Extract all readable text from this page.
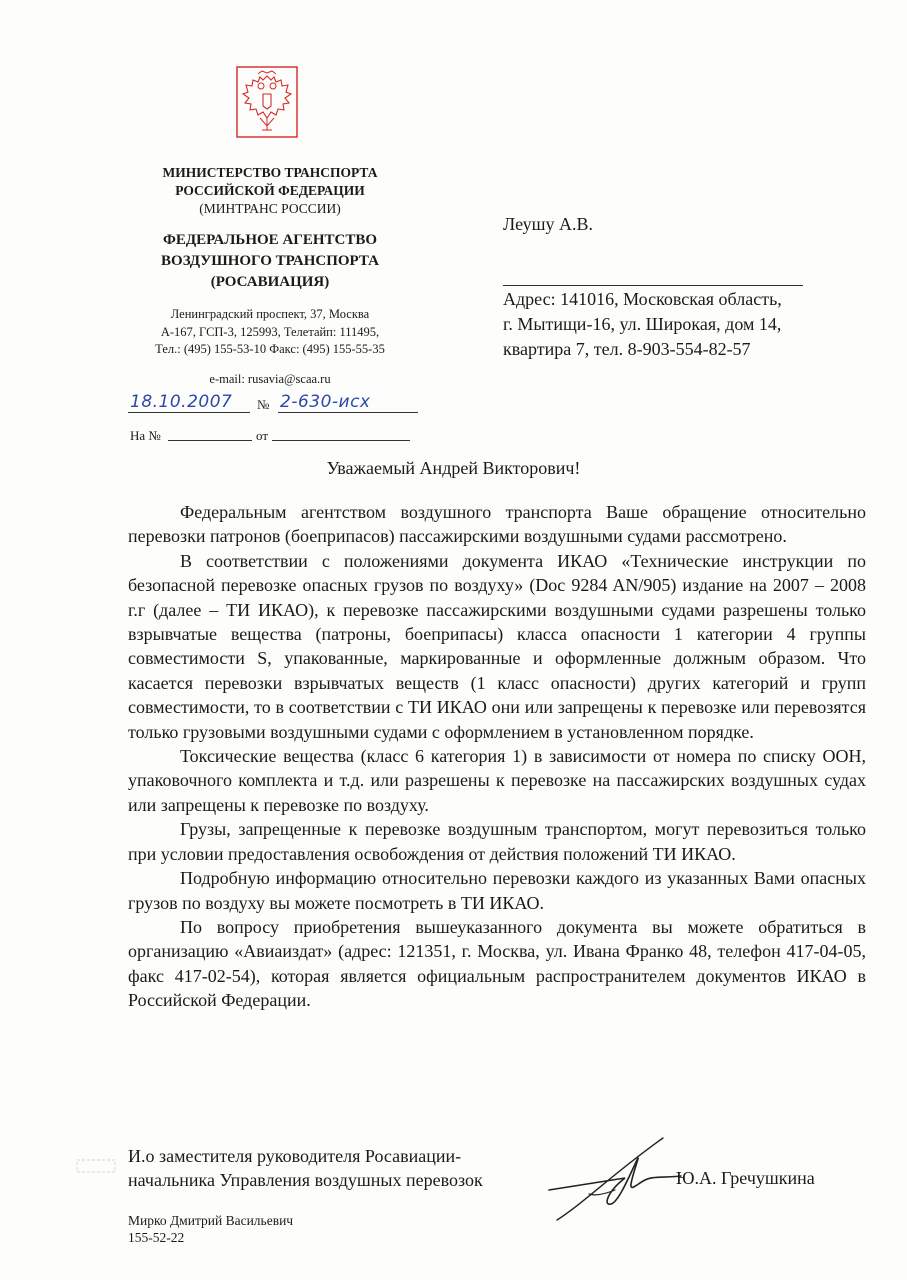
МИНИСТЕРСТВО ТРАНСПОРТА
РОССИЙСКОЙ ФЕДЕРАЦИИ
(МИНТРАНС РОССИИ)
ФЕДЕРАЛЬНОЕ АГЕНТСТВО
ВОЗДУШНОГО ТРАНСПОРТА
(РОСАВИАЦИЯ)
Ленинградский проспект, 37, Москва
А-167, ГСП-3, 125993, Телетайп: 111495,
Тел.: (495) 155-53-10 Факс: (495) 155-55-35
e-mail: rusavia@scaa.ru
18.10.2007 № 2-630-исх
На №	от
Леушу А.В.
Адрес: 141016, Московская область,
г. Мытищи-16, ул. Широкая, дом 14,
квартира 7, тел. 8-903-554-82-57
Уважаемый Андрей Викторович!

Федеральным агентством воздушного транспорта Ваше обращение относительно перевозки патронов (боеприпасов) пассажирскими воздушными судами рассмотрено.

В соответствии с положениями документа ИКАО «Технические инструкции по безопасной перевозке опасных грузов по воздуху» (Doc 9284 AN/905) издание на 2007 – 2008 г.г (далее – ТИ ИКАО), к перевозке пассажирскими воздушными судами разрешены только взрывчатые вещества (патроны, боеприпасы) класса опасности 1 категории 4 группы совместимости S, упакованные, маркированные и оформленные должным образом. Что касается перевозки взрывчатых веществ (1 класс опасности) других категорий и групп совместимости, то в соответствии с ТИ ИКАО они или запрещены к перевозке или перевозятся только грузовыми воздушными судами с оформлением в установленном порядке.

Токсические вещества (класс 6 категория 1) в зависимости от номера по списку ООН, упаковочного комплекта и т.д. или разрешены к перевозке на пассажирских воздушных судах или запрещены к перевозке по воздуху.

Грузы, запрещенные к перевозке воздушным транспортом, могут перевозиться только при условии предоставления освобождения от действия положений ТИ ИКАО.

Подробную информацию относительно перевозки каждого из указанных Вами опасных грузов по воздуху вы можете посмотреть в ТИ ИКАО.

По вопросу приобретения вышеуказанного документа вы можете обратиться в организацию «Авиаиздат» (адрес: 121351, г. Москва, ул. Ивана Франко 48, телефон 417-04-05, факс 417-02-54), которая является официальным распространителем документов ИКАО в Российской Федерации.

И.о заместителя руководителя Росавиации-
начальника Управления воздушных перевозок	Ю.А. Гречушкина
Мирко Дмитрий Васильевич
155-52-22
